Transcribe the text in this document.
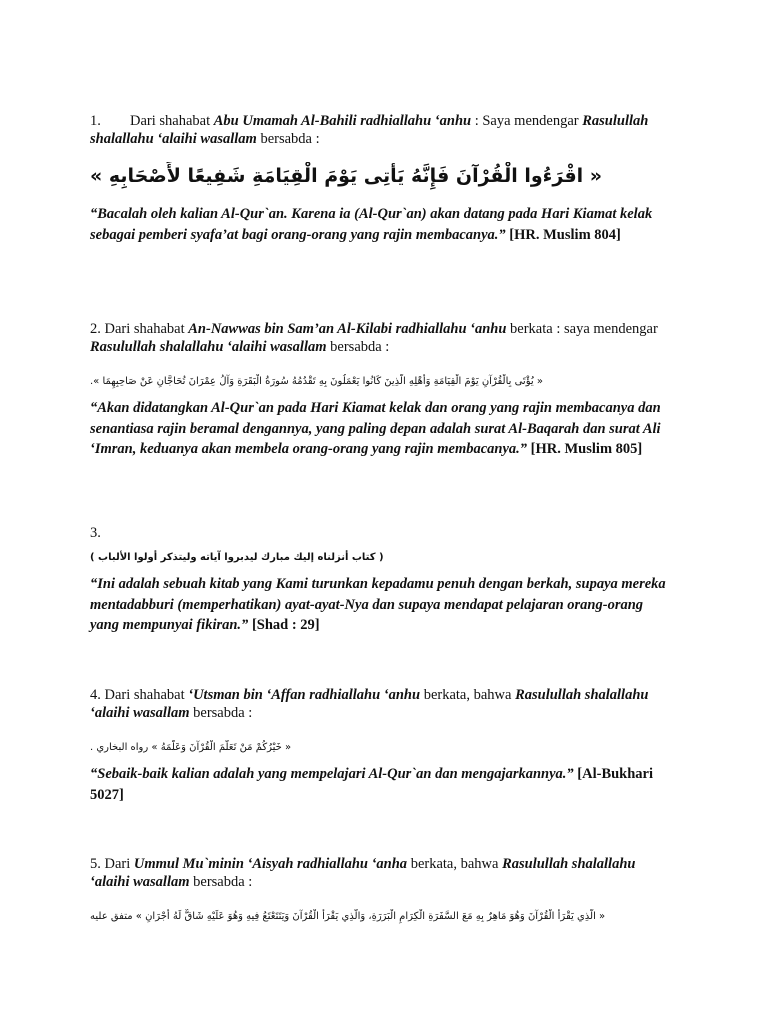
1. Dari shahabat Abu Umamah Al-Bahili radhiallahu ‘anhu : Saya mendengar Rasulullah shalallahu ‘alaihi wasallam bersabda :

« اقْرَءُوا الْقُرْآنَ فَإِنَّهُ يَأْتِى يَوْمَ الْقِيَامَةِ شَفِيعًا لأَصْحَابِهِ »

“Bacalah oleh kalian Al-Qur`an. Karena ia (Al-Qur`an) akan datang pada Hari Kiamat kelak sebagai pemberi syafa’at bagi orang-orang yang rajin membacanya.” [HR. Muslim 804]

2. Dari shahabat An-Nawwas bin Sam’an Al-Kilabi radhiallahu ‘anhu berkata : saya mendengar Rasulullah shalallahu ‘alaihi wasallam bersabda :

« يُؤْتَى بِالْقُرْآنِ يَوْمَ الْقِيَامَةِ وَأَهْلِهِ الَّذِينَ كَانُوا يَعْمَلُونَ بِهِ تَقْدُمُهُ سُورَةُ الْبَقَرَةِ وَآلُ عِمْرَانَ تُحَاجَّانِ عَنْ صَاحِبِهِمَا ».

“Akan didatangkan Al-Qur`an pada Hari Kiamat kelak dan orang yang rajin membacanya dan senantiasa rajin beramal dengannya, yang paling depan adalah surat Al-Baqarah dan surat Ali ‘Imran, keduanya akan membela orang-orang yang rajin membacanya.” [HR. Muslim 805]

3.

( كتاب أنزلناه إليك مبارك ليدبروا آياته وليتذكر أولوا الألباب )

“Ini adalah sebuah kitab yang Kami turunkan kepadamu penuh dengan berkah, supaya mereka mentadabburi (memperhatikan) ayat-ayat-Nya dan supaya mendapat pelajaran orang-orang yang mempunyai fikiran.” [Shad : 29]

4. Dari shahabat ‘Utsman bin ‘Affan radhiallahu ‘anhu berkata, bahwa Rasulullah shalallahu ‘alaihi wasallam bersabda :

« خَيْرُكُمْ مَنْ تَعَلَّمَ الْقُرْآنَ وَعَلَّمَهُ » رواه البخاري .

“Sebaik-baik kalian adalah yang mempelajari Al-Qur`an dan mengajarkannya.” [Al-Bukhari 5027]

5. Dari Ummul Mu`minin ‘Aisyah radhiallahu ‘anha berkata, bahwa Rasulullah shalallahu ‘alaihi wasallam bersabda :

« الَّذِي يَقْرَأُ الْقُرْآنَ وَهُوَ مَاهِرٌ بِهِ مَعَ السَّفَرَةِ الْكِرَامِ الْبَرَرَةِ، وَالَّذِي يَقْرَأُ الْقُرْآنَ وَيَتَتَعْتَعُ فِيهِ وَهُوَ عَلَيْهِ شَاقٌّ لَهُ أَجْرَانِ » متفق عليه
